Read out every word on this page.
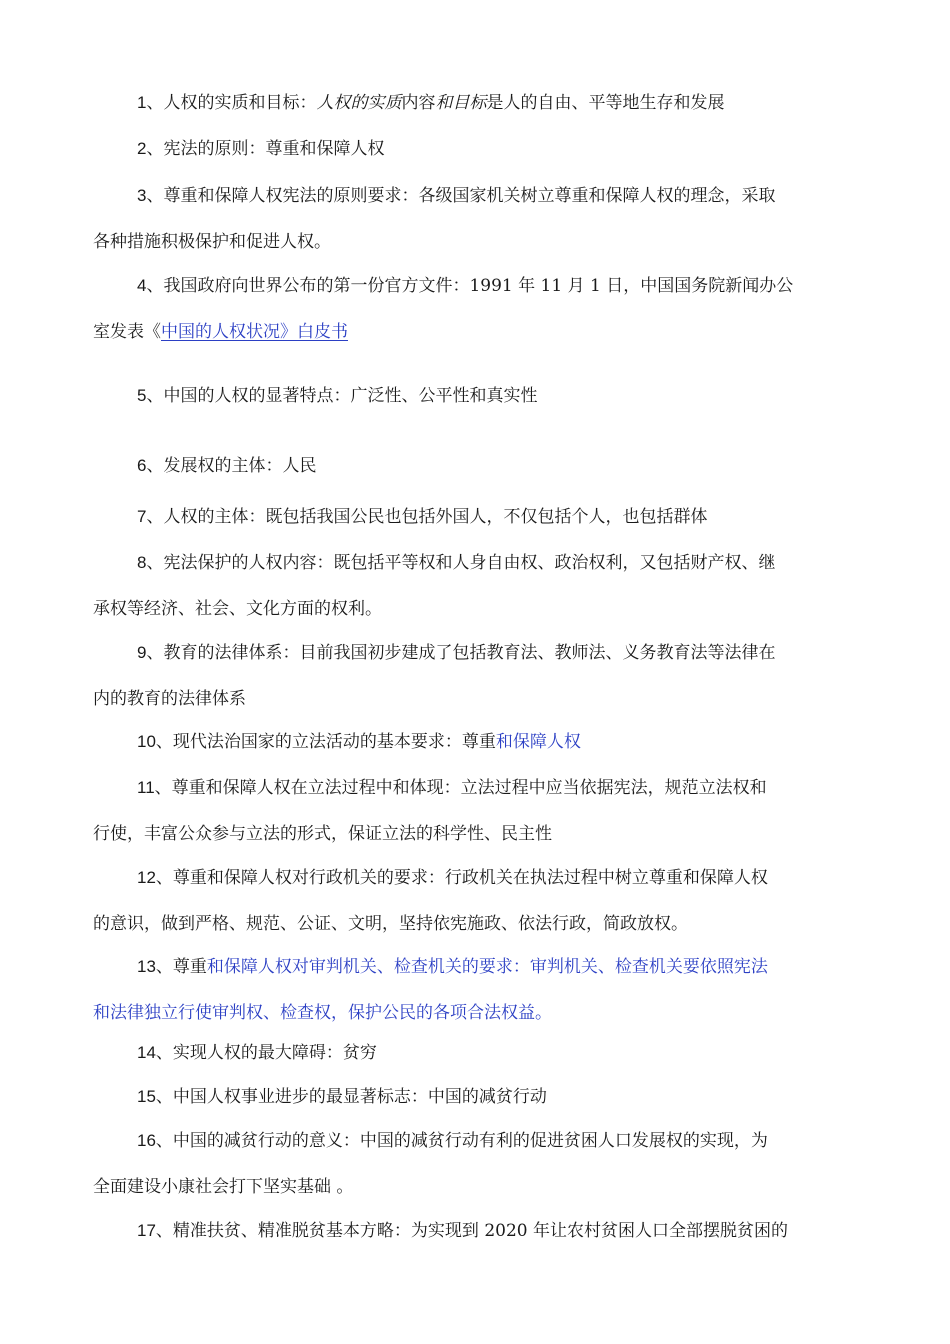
1、人权的实质和目标：人权的实质内容和目标是人的自由、平等地生存和发展

2、宪法的原则：尊重和保障人权

3、尊重和保障人权宪法的原则要求：各级国家机关树立尊重和保障人权的理念，采取
各种措施积极保护和促进人权。

4、我国政府向世界公布的第一份官方文件：1991 年 11 月 1 日，中国国务院新闻办公
室发表《中国的人权状况》白皮书

5、中国的人权的显著特点：广泛性、公平性和真实性

6、发展权的主体：人民

7、人权的主体：既包括我国公民也包括外国人，不仅包括个人，也包括群体

8、宪法保护的人权内容：既包括平等权和人身自由权、政治权利，又包括财产权、继
承权等经济、社会、文化方面的权利。

9、教育的法律体系：目前我国初步建成了包括教育法、教师法、义务教育法等法律在
内的教育的法律体系

10、现代法治国家的立法活动的基本要求：尊重和保障人权

11、尊重和保障人权在立法过程中和体现：立法过程中应当依据宪法，规范立法权和
行使，丰富公众参与立法的形式，保证立法的科学性、民主性

12、尊重和保障人权对行政机关的要求：行政机关在执法过程中树立尊重和保障人权
的意识，做到严格、规范、公证、文明，坚持依宪施政、依法行政，简政放权。

13、尊重和保障人权对审判机关、检查机关的要求：审判机关、检查机关要依照宪法
和法律独立行使审判权、检查权，保护公民的各项合法权益。

14、实现人权的最大障碍：贫穷

15、中国人权事业进步的最显著标志：中国的减贫行动

16、中国的减贫行动的意义：中国的减贫行动有利的促进贫困人口发展权的实现，为
全面建设小康社会打下坚实基础 。

17、精准扶贫、精准脱贫基本方略：为实现到 2020 年让农村贫困人口全部摆脱贫困的
